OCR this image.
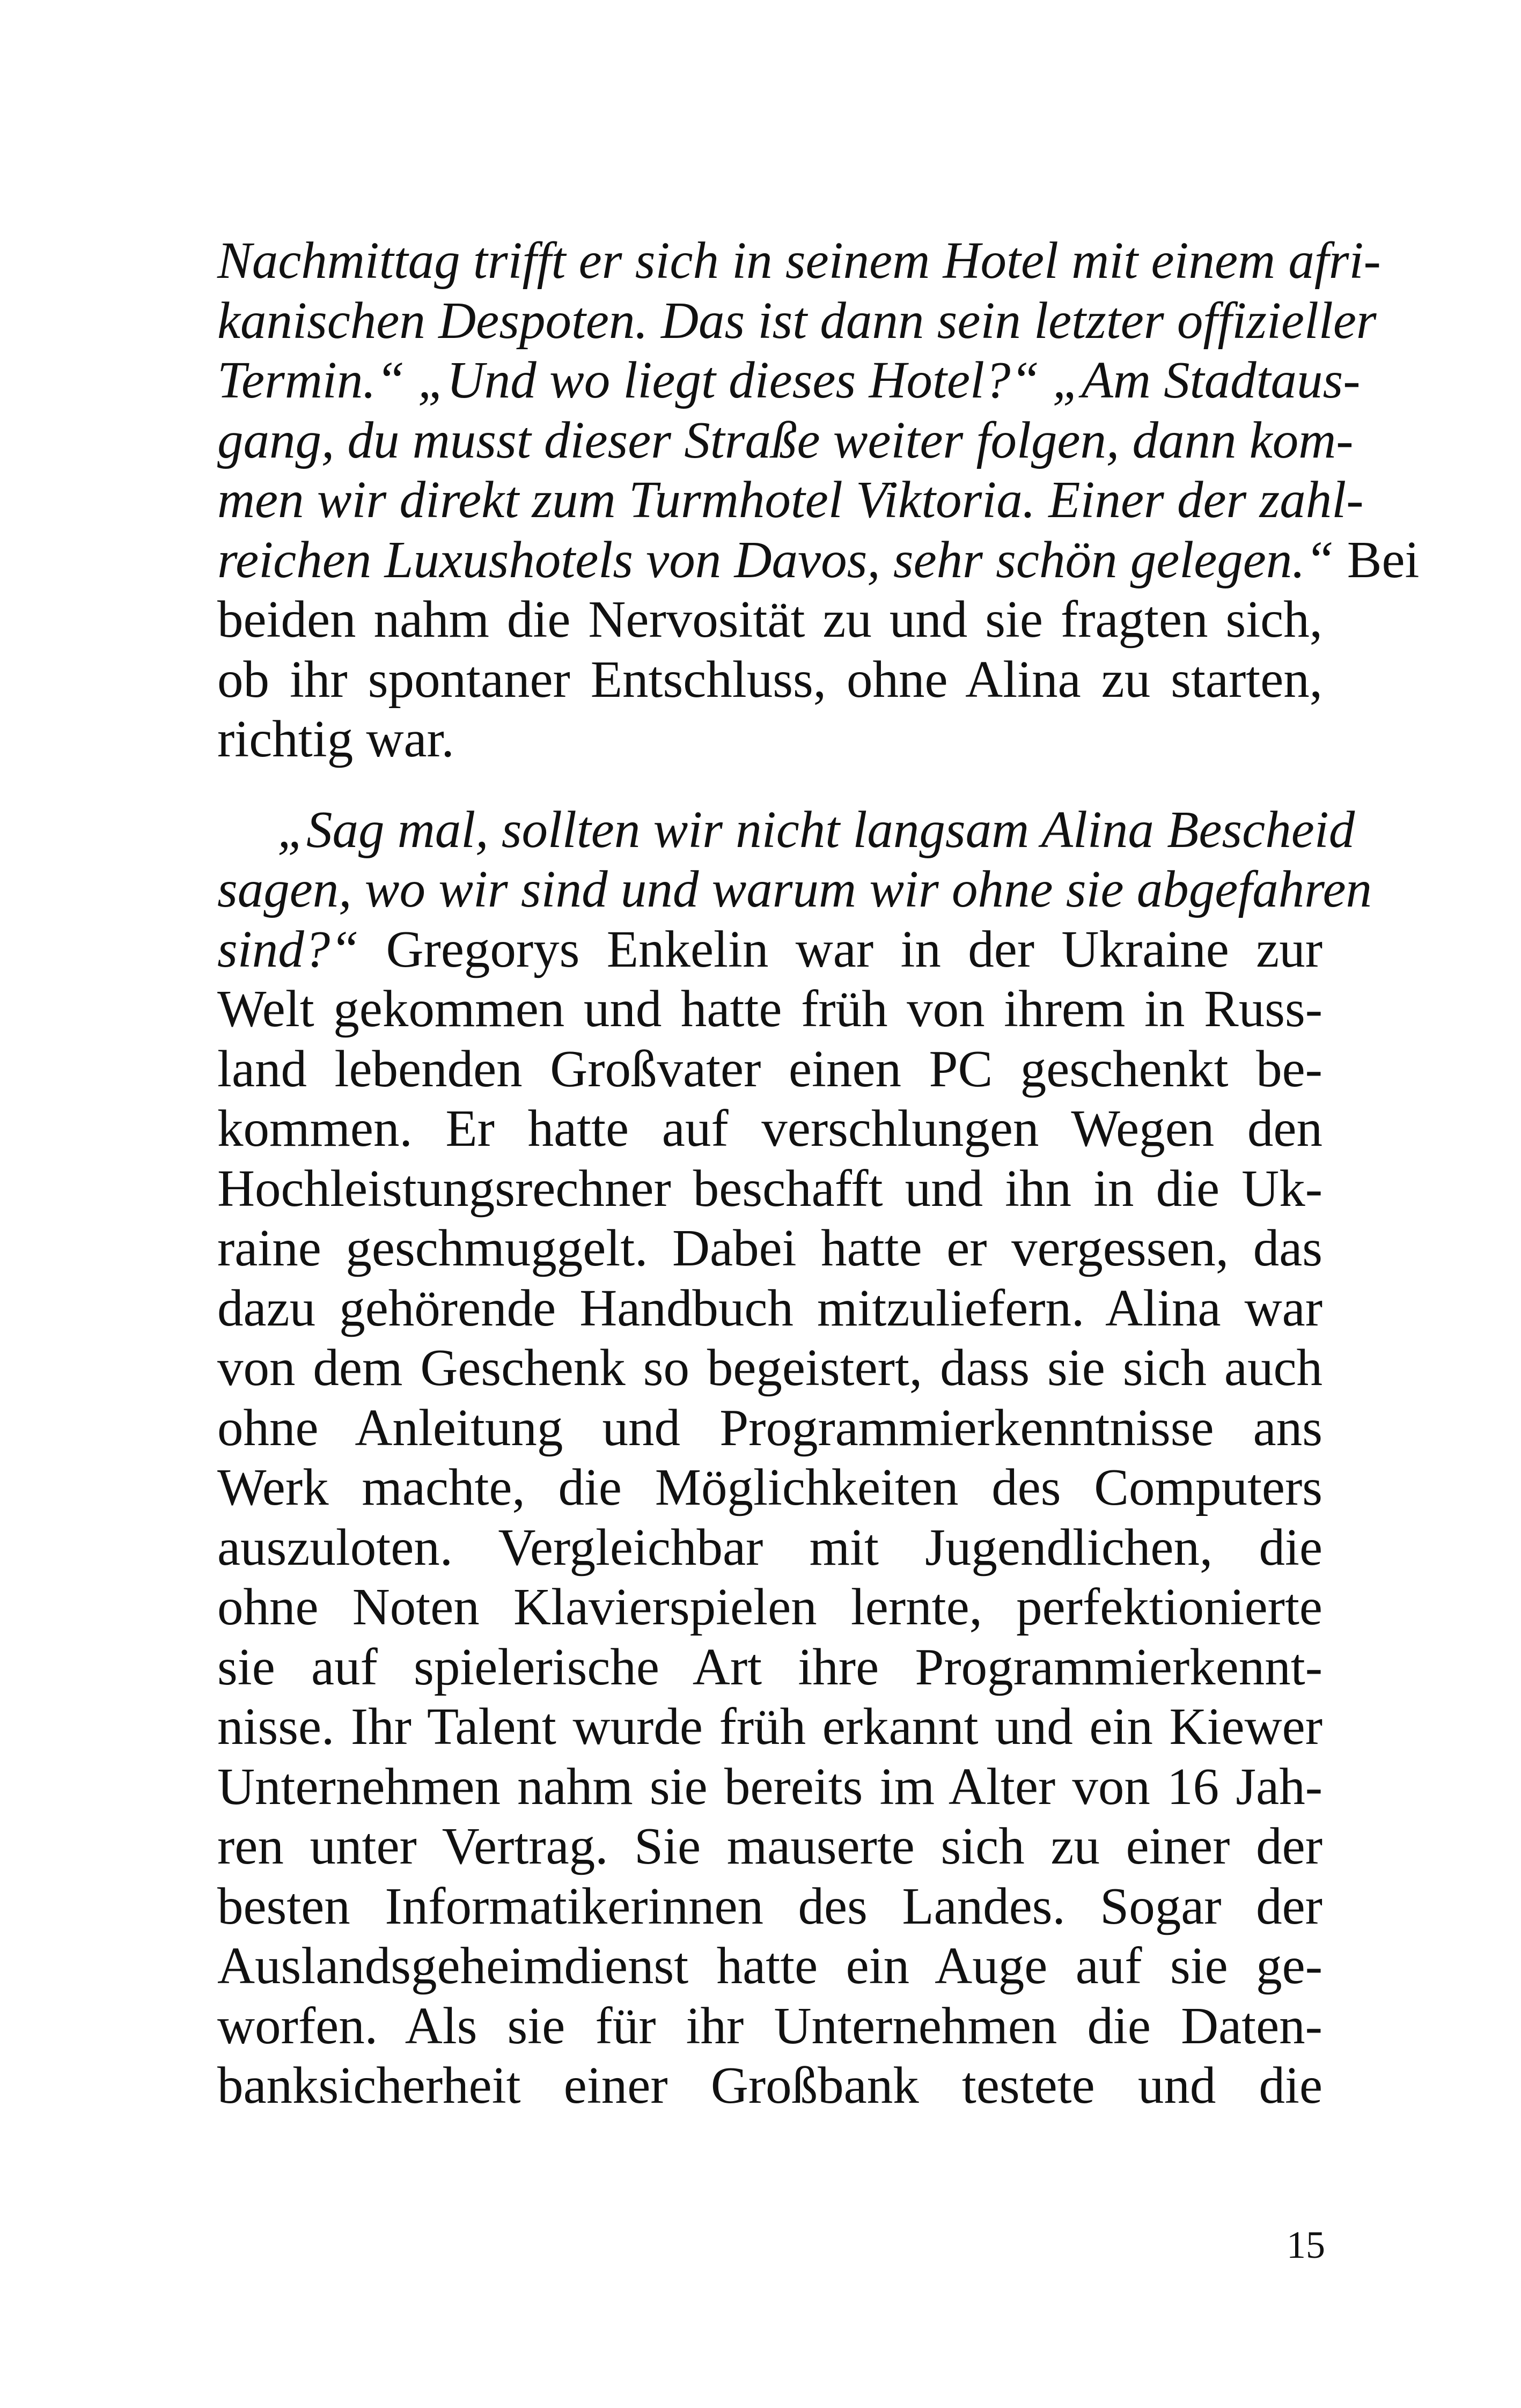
Nachmittag trifft er sich in seinem Hotel mit einem afri-
kanischen Despoten. Das ist dann sein letzter offizieller
Termin.“ „Und wo liegt dieses Hotel?“ „Am Stadtaus-
gang, du musst dieser Straße weiter folgen, dann kom-
men wir direkt zum Turmhotel Viktoria. Einer der zahl-
reichen Luxushotels von Davos, sehr schön gelegen.“ Bei
beiden nahm die Nervosität zu und sie fragten sich,
ob ihr spontaner Entschluss, ohne Alina zu starten,
richtig war.
„Sag mal, sollten wir nicht langsam Alina Bescheid
sagen, wo wir sind und warum wir ohne sie abgefahren
sind?“ Gregorys Enkelin war in der Ukraine zur
Welt gekommen und hatte früh von ihrem in Russ-
land lebenden Großvater einen PC geschenkt be-
kommen. Er hatte auf verschlungen Wegen den
Hochleistungsrechner beschafft und ihn in die Uk-
raine geschmuggelt. Dabei hatte er vergessen, das
dazu gehörende Handbuch mitzuliefern. Alina war
von dem Geschenk so begeistert, dass sie sich auch
ohne Anleitung und Programmierkenntnisse ans
Werk machte, die Möglichkeiten des Computers
auszuloten. Vergleichbar mit Jugendlichen, die
ohne Noten Klavierspielen lernte, perfektionierte
sie auf spielerische Art ihre Programmierkennt-
nisse. Ihr Talent wurde früh erkannt und ein Kiewer
Unternehmen nahm sie bereits im Alter von 16 Jah-
ren unter Vertrag. Sie mauserte sich zu einer der
besten Informatikerinnen des Landes. Sogar der
Auslandsgeheimdienst hatte ein Auge auf sie ge-
worfen. Als sie für ihr Unternehmen die Daten-
banksicherheit einer Großbank testete und die
15
